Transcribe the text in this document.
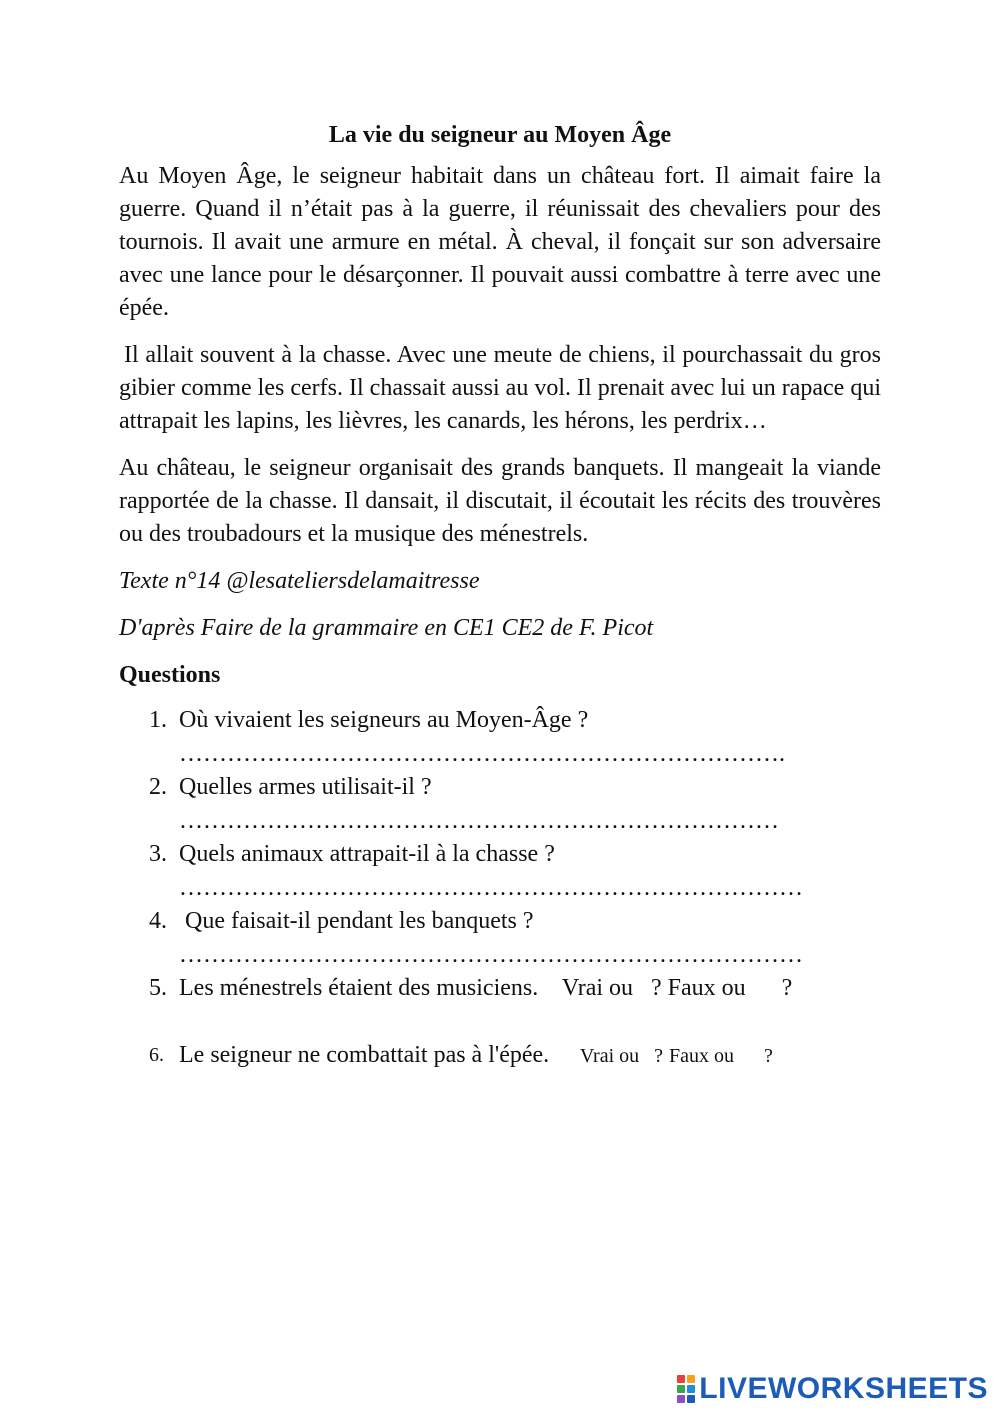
La vie du seigneur au Moyen Âge

Au Moyen Âge, le seigneur habitait dans un château fort. Il aimait faire la guerre. Quand il n’était pas à la guerre, il réunissait des chevaliers pour des tournois. Il avait une armure en métal. À cheval, il fonçait sur son adversaire avec une lance pour le désarçonner. Il pouvait aussi combattre à terre avec une épée.

Il allait souvent à la chasse. Avec une meute de chiens, il pourchassait du gros gibier comme les cerfs. Il chassait aussi au vol. Il prenait avec lui un rapace qui attrapait les lapins, les lièvres, les canards, les hérons, les perdrix…

Au château, le seigneur organisait des grands banquets. Il mangeait la viande rapportée de la chasse. Il dansait, il discutait, il écoutait les récits des trouvères ou des troubadours et la musique des ménestrels.

Texte n°14 @lesateliersdelamaitresse

D'après Faire de la grammaire en CE1 CE2 de F. Picot

Questions
1. Où vivaient les seigneurs au Moyen-Âge ?
………………………………………………………………….
2. Quelles armes utilisait-il ?
…………………………………………………………………
3. Quels animaux attrapait-il à la chasse ?
……………………………………………………………………
4. Que faisait-il pendant les banquets ?
……………………………………………………………………
5. Les ménestrels étaient des musiciens. Vrai ou ? Faux ou ?
6. Le seigneur ne combattait pas à l'épée. Vrai ou ? Faux ou ?
LIVEWORKSHEETS
